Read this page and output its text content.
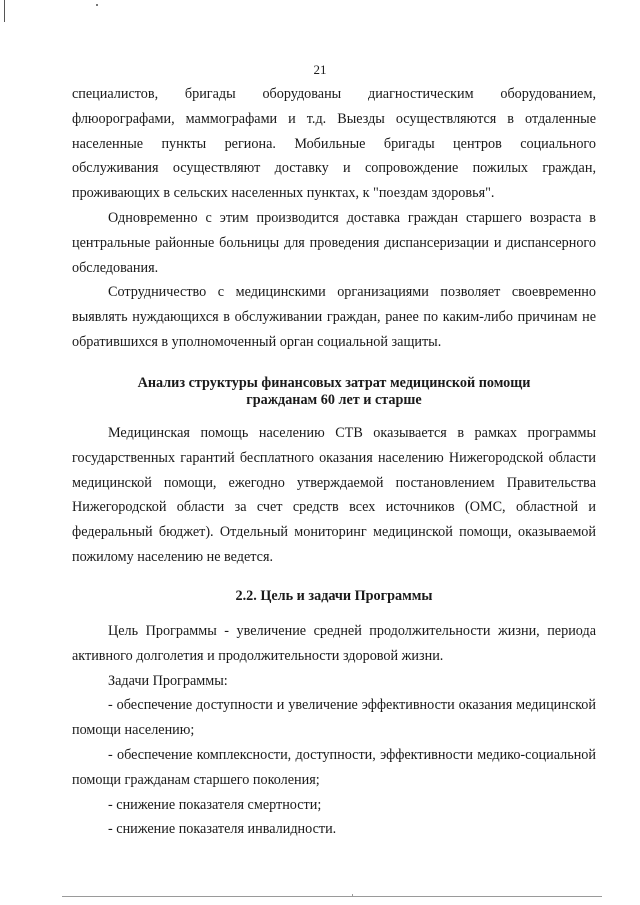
21

специалистов, бригады оборудованы диагностическим оборудованием, флюорографами, маммографами и т.д. Выезды осуществляются в отдаленные населенные пункты региона. Мобильные бригады центров социального обслуживания осуществляют доставку и сопровождение пожилых граждан, проживающих в сельских населенных пунктах, к "поездам здоровья".

Одновременно с этим производится доставка граждан старшего возраста в центральные районные больницы для проведения диспансеризации и диспансерного обследования.

Сотрудничество с медицинскими организациями позволяет своевременно выявлять нуждающихся в обслуживании граждан, ранее по каким-либо причинам не обратившихся в уполномоченный орган социальной защиты.

Анализ структуры финансовых затрат медицинской помощи

гражданам 60 лет и старше

Медицинская помощь населению СТВ оказывается в рамках программы государственных гарантий бесплатного оказания населению Нижегородской области медицинской помощи, ежегодно утверждаемой постановлением Правительства Нижегородской области за счет средств всех источников (ОМС, областной и федеральный бюджет). Отдельный мониторинг медицинской помощи, оказываемой пожилому населению не ведется.

2.2. Цель и задачи Программы

Цель Программы - увеличение средней продолжительности жизни, периода активного долголетия и продолжительности здоровой жизни.

Задачи Программы:

- обеспечение доступности и увеличение эффективности оказания медицинской помощи населению;

- обеспечение комплексности, доступности, эффективности медико-социальной помощи гражданам старшего поколения;

- снижение показателя смертности;

- снижение показателя инвалидности.
